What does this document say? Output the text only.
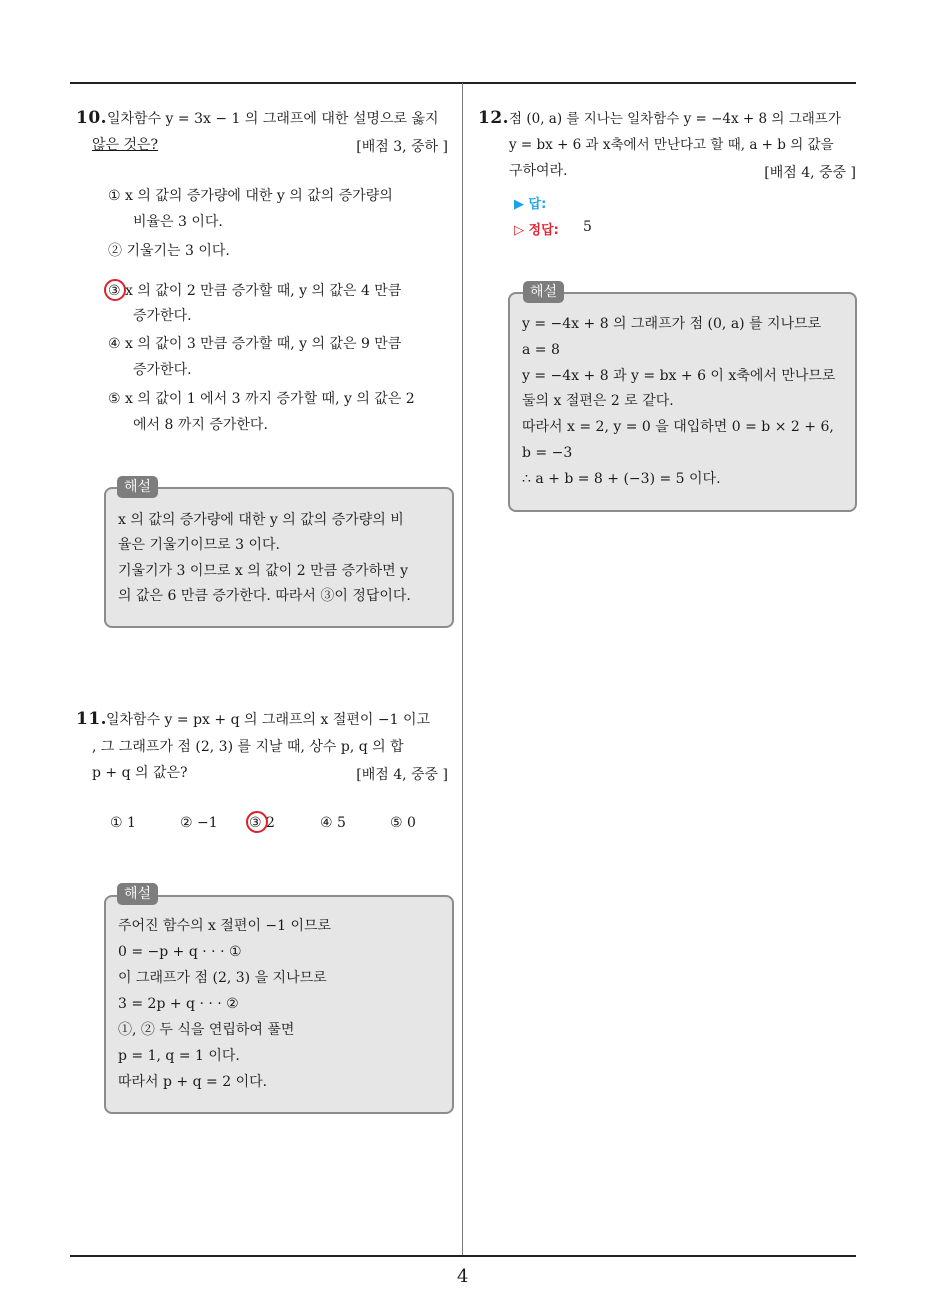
4
10. 일차함수 y = 3x − 1 의 그래프에 대한 설명으로 옳지
않은 것은?	[배점 3, 중하 ]
① x 의 값의 증가량에 대한 y 의 값의 증가량의
비율은 3 이다.
② 기울기는 3 이다.
③ x 의 값이 2 만큼 증가할 때, y 의 값은 4 만큼
증가한다.
④ x 의 값이 3 만큼 증가할 때, y 의 값은 9 만큼
증가한다.
⑤ x 의 값이 1 에서 3 까지 증가할 때, y 의 값은 2
에서 8 까지 증가한다.
해설
x 의 값의 증가량에 대한 y 의 값의 증가량의 비
율은 기울기이므로 3 이다.
기울기가 3 이므로 x 의 값이 2 만큼 증가하면 y
의 값은 6 만큼 증가한다. 따라서 ③이 정답이다.
11.
일차함수 y = px + q 의 그래프의 x 절편이 −1 이고
, 그 그래프가 점 (2, 3) 를 지날 때, 상수 p, q 의 합
p + q 의 값은?	[배점 4, 중중 ]
① 1	② −1 ③ 2	④ 5	⑤ 0
해설
주어진 함수의 x 절편이 −1 이므로
0 = −p + q · · · ①
이 그래프가 점 (2, 3) 을 지나므로
3 = 2p + q · · · ②
①, ② 두 식을 연립하여 풀면
p = 1, q = 1 이다.
따라서 p + q = 2 이다.
12. 점 (0, a) 를 지나는 일차함수 y = −4x + 8 의 그래프가
y = bx + 6 과 x축에서 만난다고 할 때, a + b 의 값을
구하여라.	[배점 4, 중중 ]
▶ 답:
▷ 정답: 5
해설
y = −4x + 8 의 그래프가 점 (0, a) 를 지나므로
a = 8
y = −4x + 8 과 y = bx + 6 이 x축에서 만나므로
둘의 x 절편은 2 로 같다.
따라서 x = 2, y = 0 을 대입하면 0 = b × 2 + 6,
b = −3
∴ a + b = 8 + (−3) = 5 이다.
